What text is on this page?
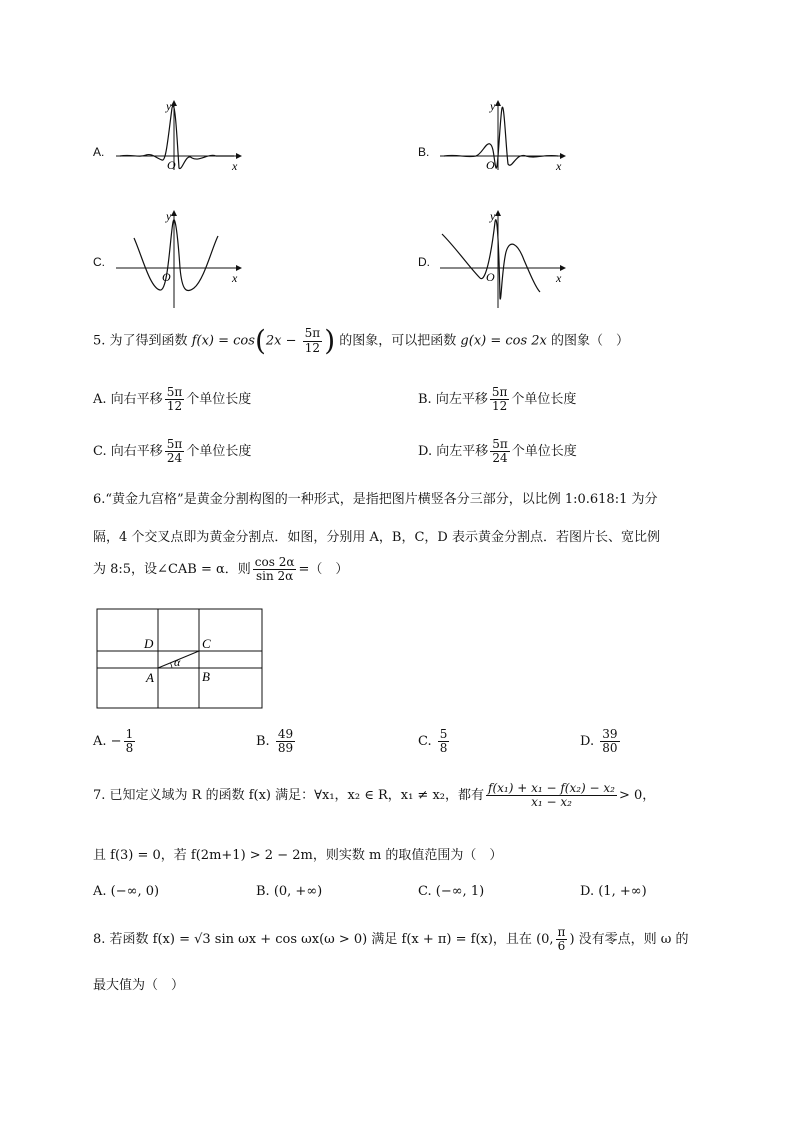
A.
O	x
y
B.
O	x
y
C.
O	x
y
D.
O	x
y
5. 为了得到函数 $f(x) = \cos(2x - \frac{5\pi}{12}$ ) 的图象，可以把函数 g(x) = cos 2x 的图象（　）
A. 向右平移 $\frac{5\pi}{12}$ 个单位长度	B. 向左平移 $\frac{5\pi}{12}$ 个单位长度
C. 向右平移 $\frac{5\pi}{24}$ 个单位长度	D. 向左平移 $\frac{5\pi}{24}$ 个单位长度
6.“黄金九宫格”是黄金分割构图的一种形式，是指把图片横竖各分三部分，以比例 1:0.618:1 为分
隔，4 个交叉点即为黄金分割点．如图，分别用 A，B，C，D 表示黄金分割点．若图片长、宽比例
为 8:5，设∠CAB = α．则 $\frac{\cos 2\alpha}{\sin 2\alpha}$ =（　）
D	C
A	B
α
A. − $\frac{1}{8}$	B. $\frac{49}{89}$	C. $\frac{5}{8}$	D. $\frac{39}{80}$
7. 已知定义域为 R 的函数 f(x) 满足：∀x₁，x₂ ∈ R，x₁ ≠ x₂，都有 $\frac{\text{f(x₁) + x₁ − f(x₂) − x₂}}{\text{x₁ − x₂}} > 0$，
且 f(3) = 0，若 f(2m+1) > 2 − 2m，则实数 m 的取值范围为（　）
A. (−∞, 0)	B. (0, +∞)	C. (−∞, 1)	D. (1, +∞)
8. 若函数 f(x) = √3 sin ωx + cos ωx(ω > 0) 满足 f(x + π) = f(x)，且在 (0, $\frac{\pi}{6}$ ) 没有零点，则 ω 的
最大值为（　）
